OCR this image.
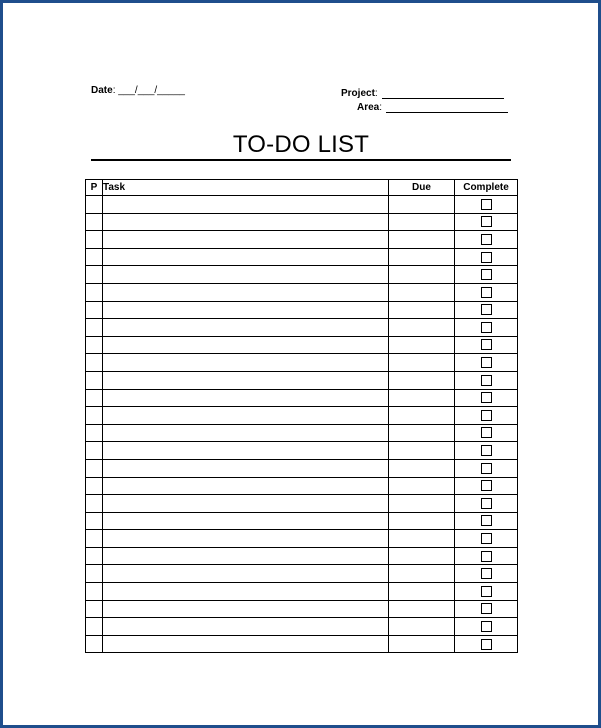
Date: ___/___/_____	Project :
Area :
TO-DO LIST
P	Task	Due	Complete
